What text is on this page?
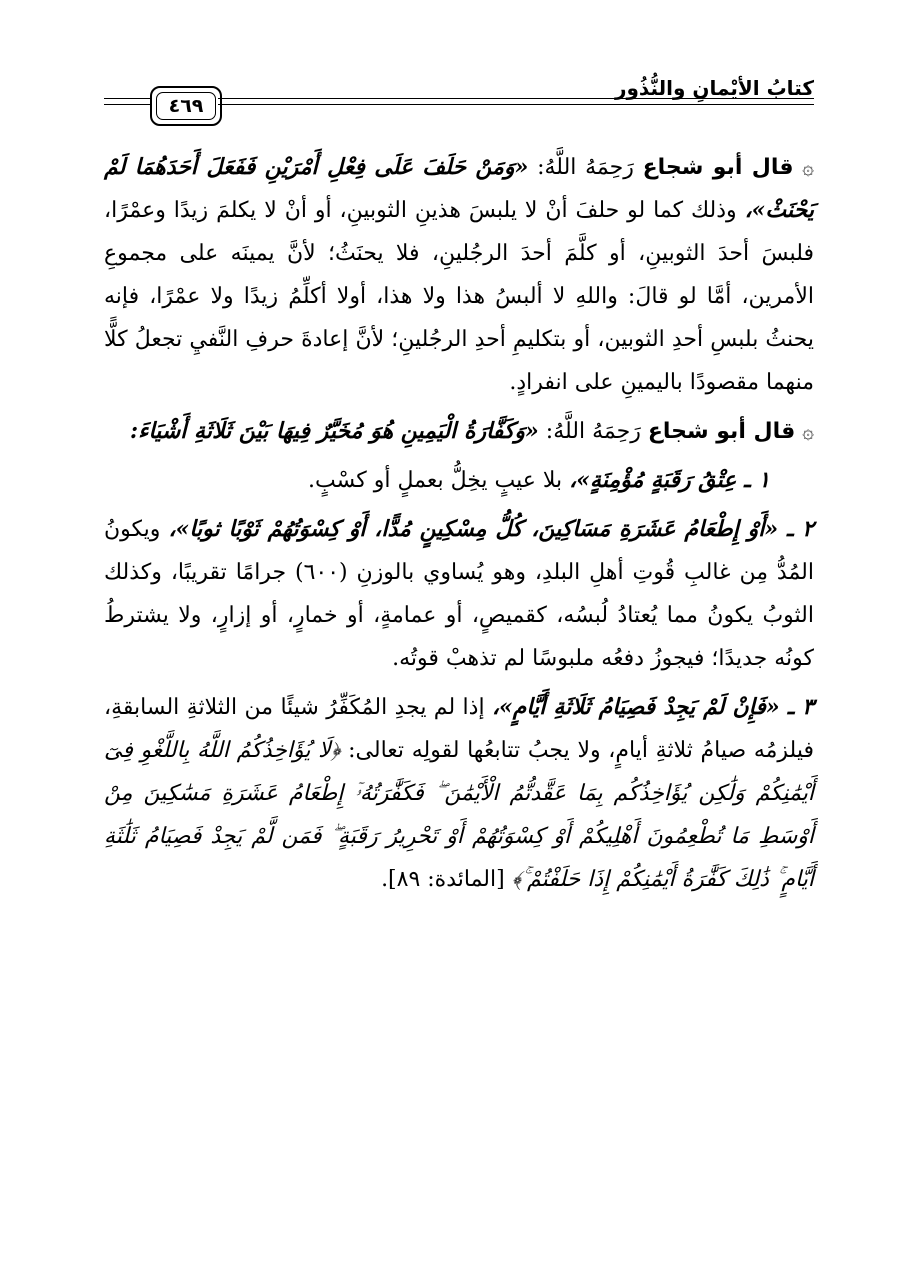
كتابُ الأيْمانِ والنُّذُور
٤٦٩

۞ قال أبو شجاع رَحِمَهُ اللَّهُ: «وَمَنْ حَلَفَ عَلَى فِعْلِ أَمْرَيْنِ فَفَعَلَ أَحَدَهُمَا لَمْ يَحْنَثْ»، وذلك كما لو حلفَ أنْ لا يلبسَ هذينِ الثوبينِ، أو أنْ لا يكلمَ زيدًا وعمْرًا، فلبسَ أحدَ الثوبينِ، أو كلَّمَ أحدَ الرجُلينِ، فلا يحنَثُ؛ لأنَّ يمينَه على مجموعِ الأمرين، أمَّا لو قالَ: واللهِ لا ألبسُ هذا ولا هذا، أولا أكلِّمُ زيدًا ولا عمْرًا، فإنه يحنثُ بلبسِ أحدِ الثوبين، أو بتكليمِ أحدِ الرجُلينِ؛ لأنَّ إعادةَ حرفِ النَّفيِ تجعلُ كلًّا منهما مقصودًا باليمينِ على انفرادٍ.

۞ قال أبو شجاع رَحِمَهُ اللَّهُ: «وَكَفَّارَةُ الْيَمِينِ هُوَ مُخَيَّرٌ فِيهَا بَيْنَ ثَلَاثَةِ أَشْيَاءَ:

١ ـ عِتْقُ رَقَبَةٍ مُؤْمِنَةٍ»، بلا عيبٍ يخِلُّ بعملٍ أو كسْبٍ.

٢ ـ «أَوْ إِطْعَامُ عَشَرَةِ مَسَاكِينَ، كُلُّ مِسْكِينٍ مُدًّا، أَوْ كِسْوَتُهُمْ ثَوْبًا ثوبًا»، ويكونُ المُدُّ مِن غالبِ قُوتِ أهلِ البلدِ، وهو يُساوي بالوزنِ (٦٠٠) جرامًا تقريبًا، وكذلك الثوبُ يكونُ مما يُعتادُ لُبسُه، كقميصٍ، أو عمامةٍ، أو خمارٍ، أو إزارٍ، ولا يشترطُ كونُه جديدًا؛ فيجوزُ دفعُه ملبوسًا لم تذهبْ قوتُه.

٣ ـ «فَإِنْ لَمْ يَجِدْ فَصِيَامُ ثَلَاثَةِ أَيَّامٍ»، إذا لم يجدِ المُكَفِّرُ شيئًا من الثلاثةِ السابقةِ، فيلزمُه صيامُ ثلاثةِ أيامٍ، ولا يجبُ تتابعُها لقولِه تعالى: ﴿لَا يُؤَاخِذُكُمُ اللَّهُ بِاللَّغْوِ فِىٓ أَيْمَٰنِكُمْ وَلَٰكِن يُؤَاخِذُكُم بِمَا عَقَّدتُّمُ الْأَيْمَٰنَ ۖ فَكَفَّٰرَتُهُۥٓ إِطْعَامُ عَشَرَةِ مَسَٰكِينَ مِنْ أَوْسَطِ مَا تُطْعِمُونَ أَهْلِيكُمْ أَوْ كِسْوَتُهُمْ أَوْ تَحْرِيرُ رَقَبَةٍ ۖ فَمَن لَّمْ يَجِدْ فَصِيَامُ ثَلَٰثَةِ أَيَّامٍ ۚ ذَٰلِكَ كَفَّٰرَةُ أَيْمَٰنِكُمْ إِذَا حَلَفْتُمْ ۚ﴾ [المائدة: ٨٩].
